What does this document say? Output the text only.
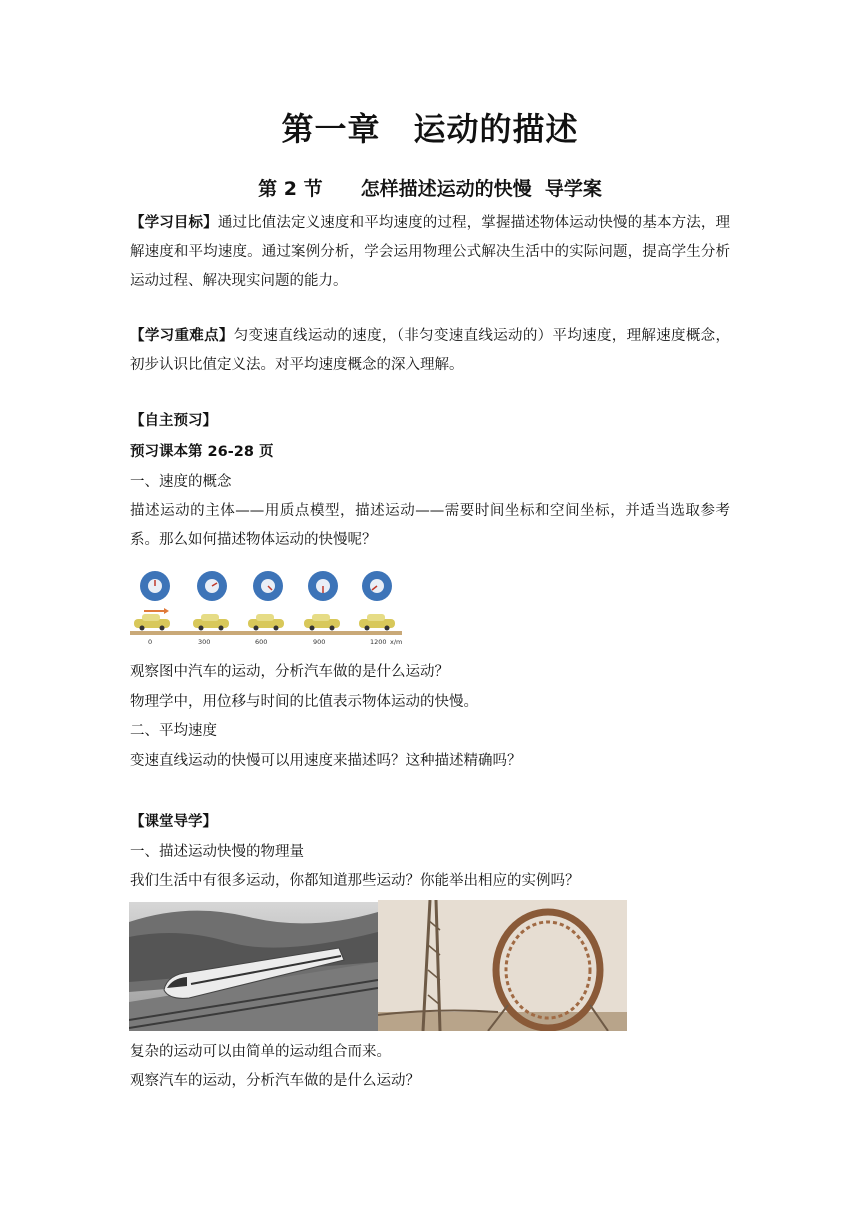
第一章　运动的描述
第 2 节　　怎样描述运动的快慢  导学案
【学习目标】通过比值法定义速度和平均速度的过程，掌握描述物体运动快慢的基本方法，理解速度和平均速度。通过案例分析，学会运用物理公式解决生活中的实际问题，提高学生分析运动过程、解决现实问题的能力。
【学习重难点】匀变速直线运动的速度，（非匀变速直线运动的）平均速度，理解速度概念，初步认识比值定义法。对平均速度概念的深入理解。
【自主预习】
预习课本第 26-28 页
一、速度的概念
描述运动的主体——用质点模型，描述运动——需要时间坐标和空间坐标，并适当选取参考系。那么如何描述物体运动的快慢呢？
0	300	600	900	1200 x/m
观察图中汽车的运动，分析汽车做的是什么运动？
物理学中，用位移与时间的比值表示物体运动的快慢。
二、平均速度
变速直线运动的快慢可以用速度来描述吗？这种描述精确吗？
【课堂导学】
一、描述运动快慢的物理量
我们生活中有很多运动，你都知道那些运动？你能举出相应的实例吗？
复杂的运动可以由简单的运动组合而来。
观察汽车的运动，分析汽车做的是什么运动？
